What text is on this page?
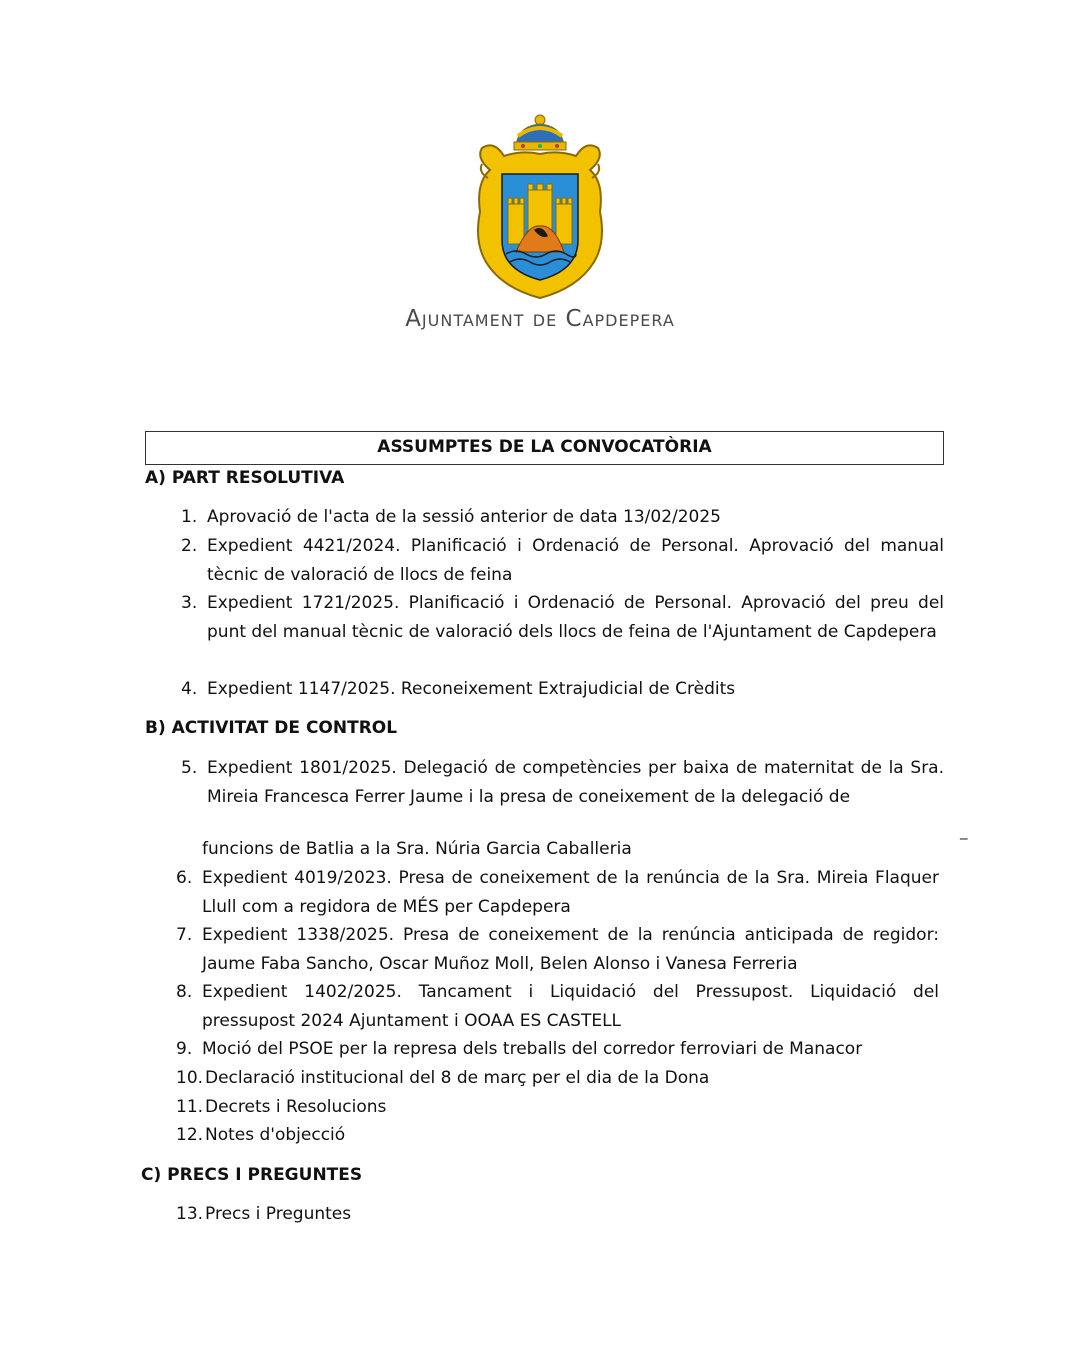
Ajuntament de Capdepera
ASSUMPTES DE LA CONVOCATÒRIA
A) PART RESOLUTIVA
1. Aprovació de l'acta de la sessió anterior de data 13/02/2025
2. Expedient 4421/2024. Planificació i Ordenació de Personal. Aprovació del manual tècnic de valoració de llocs de feina
3. Expedient 1721/2025. Planificació i Ordenació de Personal. Aprovació del preu del punt del manual tècnic de valoració dels llocs de feina de l'Ajuntament de Capdepera
4. Expedient 1147/2025. Reconeixement Extrajudicial de Crèdits
B) ACTIVITAT DE CONTROL
5. Expedient 1801/2025. Delegació de competències per baixa de maternitat de la Sra. Mireia Francesca Ferrer Jaume i la presa de coneixement de la delegació de
_
funcions de Batlia a la Sra. Núria Garcia Caballeria
6. Expedient 4019/2023. Presa de coneixement de la renúncia de la Sra. Mireia Flaquer Llull com a regidora de MÉS per Capdepera
7. Expedient 1338/2025. Presa de coneixement de la renúncia anticipada de regidor: Jaume Faba Sancho, Oscar Muñoz Moll, Belen Alonso i Vanesa Ferreria
8. Expedient 1402/2025. Tancament i Liquidació del Pressupost. Liquidació del pressupost 2024 Ajuntament i OOAA ES CASTELL
9. Moció del PSOE per la represa dels treballs del corredor ferroviari de Manacor
10. Declaració institucional del 8 de març per el dia de la Dona
11. Decrets i Resolucions
12. Notes d'objecció
C) PRECS I PREGUNTES
13. Precs i Preguntes
